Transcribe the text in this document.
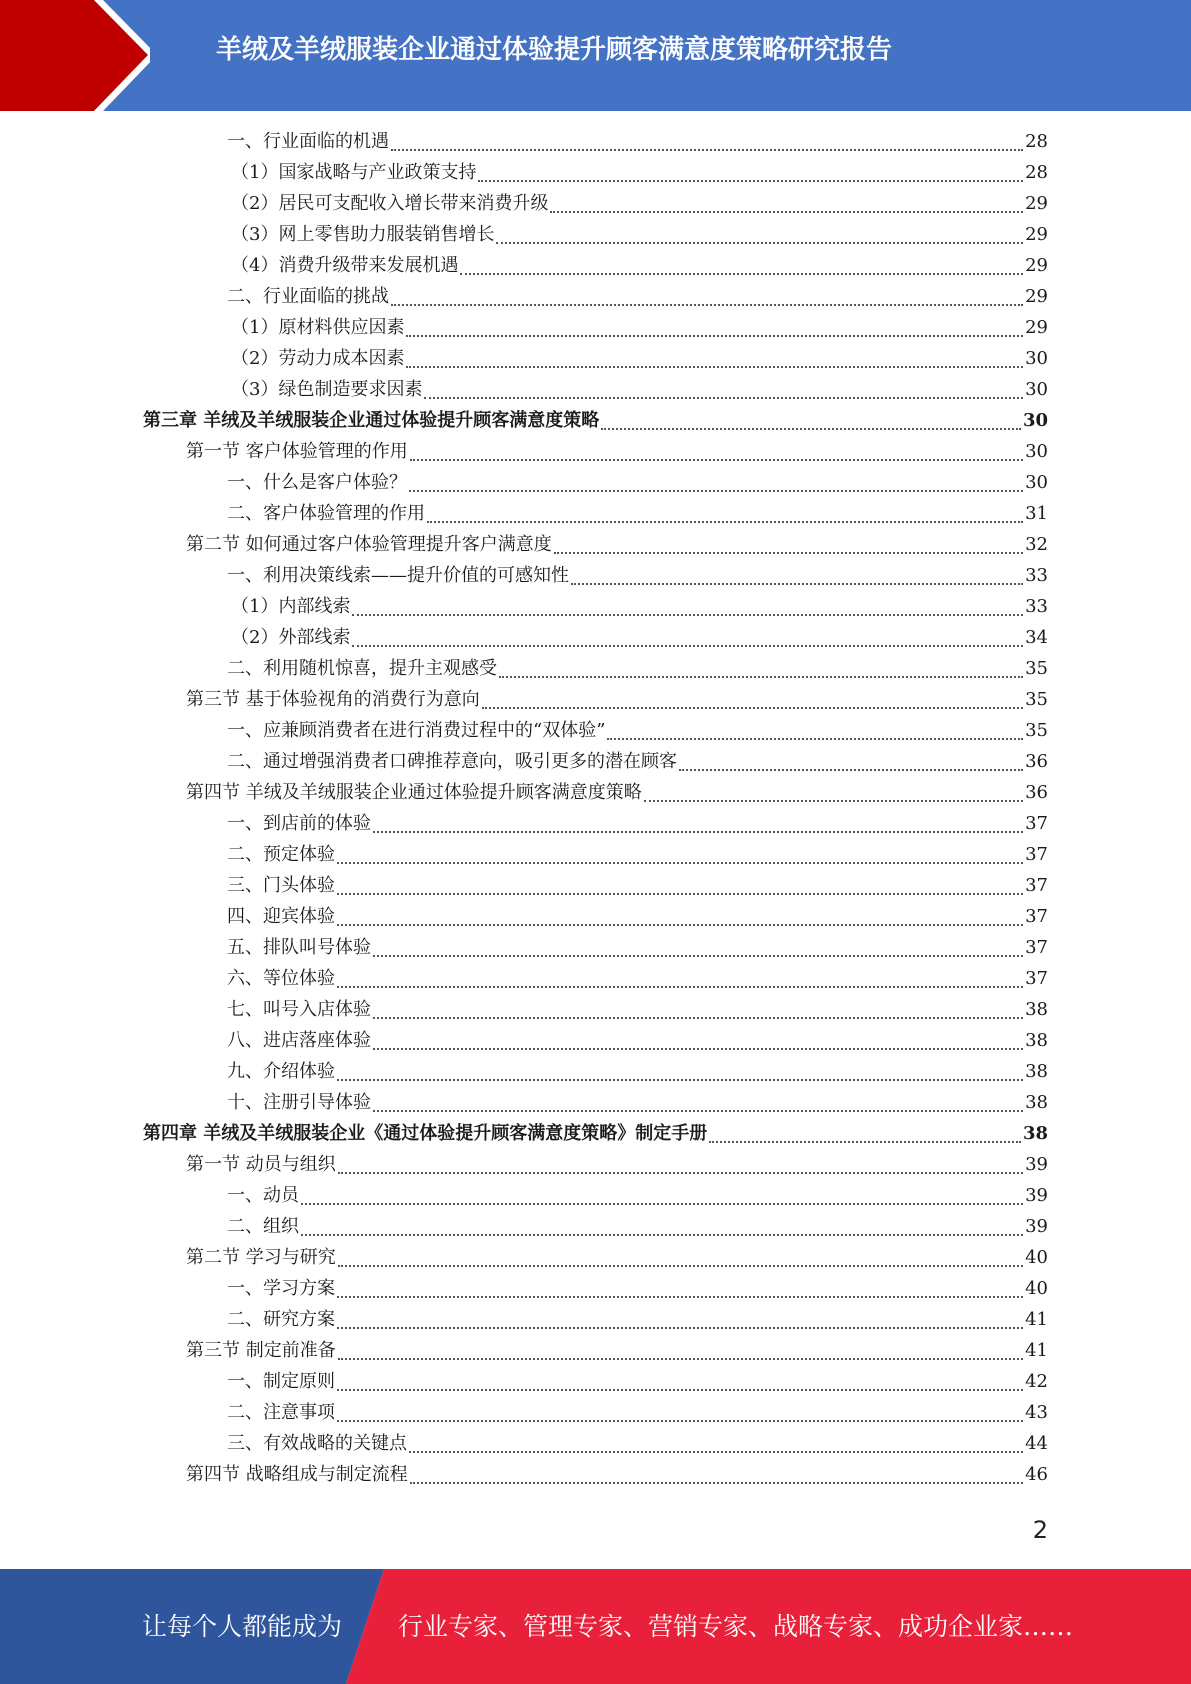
羊绒及羊绒服装企业通过体验提升顾客满意度策略研究报告
一、行业面临的机遇	28
（1）国家战略与产业政策支持	28
（2）居民可支配收入增长带来消费升级	29
（3）网上零售助力服装销售增长	29
（4）消费升级带来发展机遇	29
二、行业面临的挑战	29
（1）原材料供应因素	29
（2）劳动力成本因素	30
（3）绿色制造要求因素	30
第三章 羊绒及羊绒服装企业通过体验提升顾客满意度策略	30
第一节 客户体验管理的作用	30
一、什么是客户体验？	30
二、客户体验管理的作用	31
第二节 如何通过客户体验管理提升客户满意度	32
一、利用决策线索——提升价值的可感知性	33
（1）内部线索	33
（2）外部线索	34
二、利用随机惊喜，提升主观感受	35
第三节 基于体验视角的消费行为意向	35
一、应兼顾消费者在进行消费过程中的“双体验”	35
二、通过增强消费者口碑推荐意向，吸引更多的潜在顾客	36
第四节 羊绒及羊绒服装企业通过体验提升顾客满意度策略	36
一、到店前的体验	37
二、预定体验	37
三、门头体验	37
四、迎宾体验	37
五、排队叫号体验	37
六、等位体验	37
七、叫号入店体验	38
八、进店落座体验	38
九、介绍体验	38
十、注册引导体验	38
第四章 羊绒及羊绒服装企业《通过体验提升顾客满意度策略》制定手册	38
第一节 动员与组织	39
一、动员	39
二、组织	39
第二节 学习与研究	40
一、学习方案	40
二、研究方案	41
第三节 制定前准备	41
一、制定原则	42
二、注意事项	43
三、有效战略的关键点	44
第四节 战略组成与制定流程	46
2
让每个人都能成为 行业专家、管理专家、营销专家、战略专家、成功企业家……
